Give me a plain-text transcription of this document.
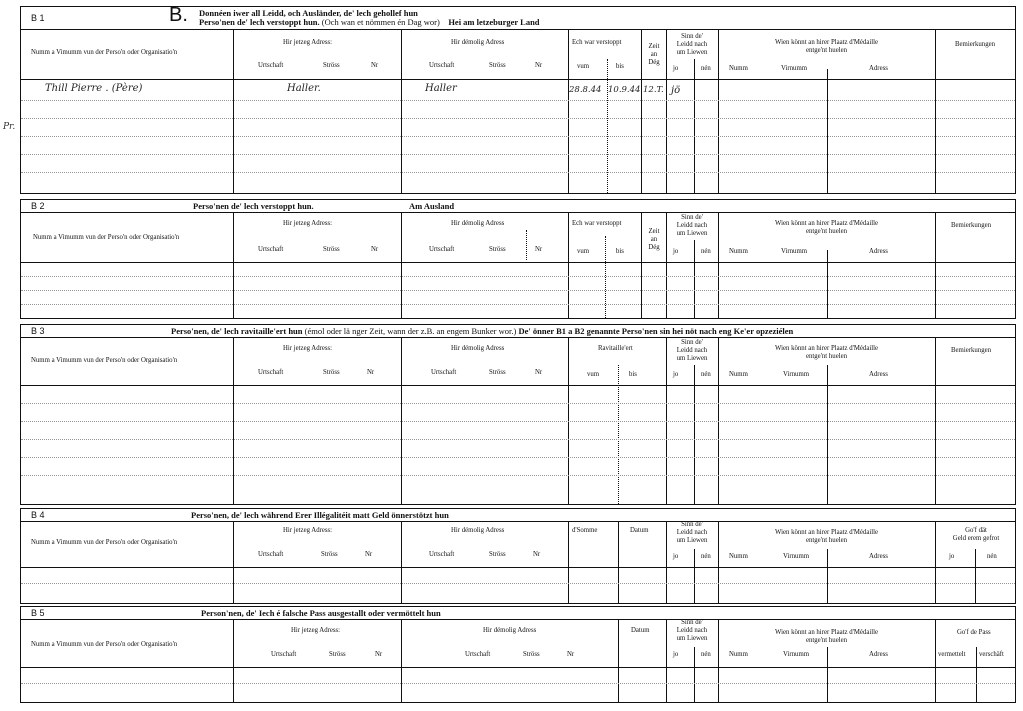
Pr.
B 1	B. Donnéen iwer all Leidd, och Ausländer, de' lech gehollef hun
Perso'nen de' lech verstoppt hun. (Och wan et nömmen én Dag wor) Hei am letzeburger Land
Numm a Vimumm vun der Perso'n oder Organisatio'n
Hir jetzeg Adress:
Urtschaft	Ströss	Nr
Hir démolig Adress
Urtschaft	Ströss	Nr
Ech war verstoppt
vum	bis
Zeit
an
Dég
Sinn de'
Leidd nach
um Liewen
jo	nén
Wien könnt an hirer Plaatz d'Médaille
entge'nt huelen
Numm	Virnumm	Adress
Bemierkungen
Thill Pierre . (Père)	Haller.	Haller	28.8.44 10.9.44 12.T. jö
B 2	Perso'nen de' lech verstoppt hun.	Am Ausland
Numm a Vimumm vun der Perso'n oder Organisatio'n
Hir jetzeg Adress:
Urtschaft	Ströss	Nr
Hir démolig Adress
Urtschaft	Ströss	Nr
Ech war verstoppt
vum	bis
Zeit
an
Dég
Sinn de'
Leidd nach
um Liewen
jo	nén
Wien könnt an hirer Plaatz d'Médaille
entge'nt huelen
Numm	Virnumm	Adress
Bemierkungen
B 3	Perso'nen, de' lech ravitaille'ert hun (émol oder lä nger Zeit, wann der z.B. an engem Bunker wor.) De' önner B1 a B2 genannte Perso'nen sin hei nöt nach eng Ke'er opzeziélen
Numm a Vimumm vun der Perso'n oder Organisatio'n
Hir jetzeg Adress:
Urtschaft	Ströss	Nr
Hir démolig Adress
Urtschaft	Ströss	Nr
Ravitaille'ert
vum	bis
Sinn de'
Leidd nach
um Liewen
jo	nén
Wien könnt an hirer Plaatz d'Médaille
entge'nt huelen
Numm	Virnumm	Adress
Bemierkungen
B 4	Perso'nen, de' lech während Erer Illégalitéit matt Geld önnerstötzt hun
Numm a Vimumm vun der Perso'n oder Organisatio'n
Hir jetzeg Adress:
Urtschaft	Ströss	Nr
Hir démolig Adress
Urtschaft	Ströss	Nr
d'Somme	Datum
Sinn de'
Leidd nach
um Liewen
jo	nén
Wien könnt an hirer Plaatz d'Médaille
entge'nt huelen
Numm	Virnumm	Adress
Go'f dät
Geld erem gefrot
jo	nén
B 5	Person'nen, de' Iech é falsche Pass ausgestallt oder vermöttelt hun
Numm a Vimumm vun der Perso'n oder Organisatio'n
Hir jetzeg Adress:
Urtschaft	Ströss	Nr
Hir démolig Adress
Urtschaft	Ströss	Nr
Datum
Sinn de'
Leidd nach
um Liewen
jo	nén
Wien könnt an hirer Plaatz d'Médaille
entge'nt huelen
Numm	Virnumm	Adress
Go'f de Pass
vermettelt verschäft
